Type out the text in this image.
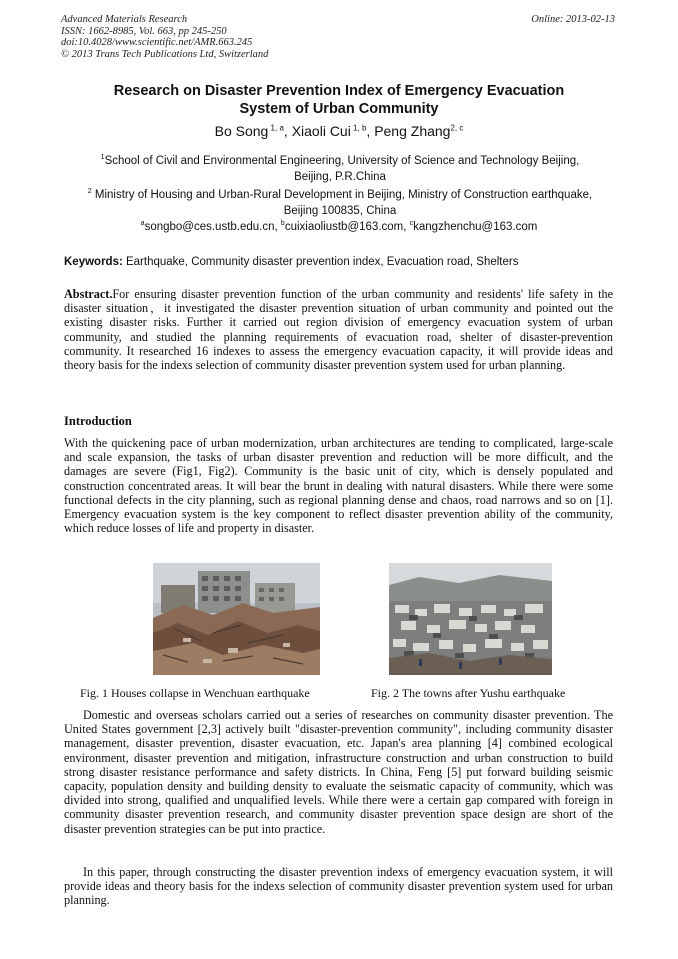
Advanced Materials Research
ISSN: 1662-8985, Vol. 663, pp 245-250
doi:10.4028/www.scientific.net/AMR.663.245
© 2013 Trans Tech Publications Ltd, Switzerland
Online: 2013-02-13
Research on Disaster Prevention Index of Emergency Evacuation
System of Urban Community
Bo Song $^{1, a}$, Xiaoli Cui $^{1, b}$, Peng Zhang$^{2, c}$
$^1$School of Civil and Environmental Engineering, University of Science and Technology Beijing,
Beijing, P.R.China
$^2$ Ministry of Housing and Urban-Rural Development in Beijing, Ministry of Construction earthquake,
Beijing 100835, China
$^a$songbo@ces.ustb.edu.cn, $^b$cuixiaoliustb@163.com, $^c$kangzhenchu@163.com
Keywords: Earthquake, Community disaster prevention index, Evacuation road, Shelters
Abstract.For ensuring disaster prevention function of the urban community and residents' life safety in the disaster situation，it investigated the disaster prevention situation of urban community and pointed out the existing disaster risks. Further it carried out region division of emergency evacuation system of urban community, and studied the planning requirements of evacuation road, shelter of disaster-prevention community. It researched 16 indexes to assess the emergency evacuation capacity, it will provide ideas and theory basis for the indexs selection of community disaster prevention system used for urban planning.
Introduction
With the quickening pace of urban modernization, urban architectures are tending to complicated, large-scale and scale expansion, the tasks of urban disaster prevention and reduction will be more difficult, and the damages are severe (Fig1, Fig2). Community is the basic unit of city, which is densely populated and construction concentrated areas. It will bear the brunt in dealing with natural disasters. While there were some functional defects in the city planning, such as regional planning dense and chaos, road narrows and so on [1]. Emergency evacuation system is the key component to reflect disaster prevention ability of the community, which reduce losses of life and property in disaster.
Fig. 1 Houses collapse in Wenchuan earthquake	Fig. 2 The towns after Yushu earthquake
Domestic and overseas scholars carried out a series of researches on community disaster prevention. The United States government [2,3] actively built "disaster-prevention community", including community disaster management, disaster prevention, disaster evacuation, etc. Japan's area planning [4] combined ecological environment, disaster prevention and mitigation, infrastructure construction and urban construction to build strong disaster resistance performance and safety districts. In China, Feng [5] put forward building seismic capacity, population density and building density to evaluate the seismatic capacity of community, which was divided into strong, qualified and unqualified levels. While there were a certain gap compared with foreign in community disaster prevention research, and community disaster prevention space design are short of the disaster prevention strategies can be put into practice.
In this paper, through constructing the disaster prevention indexs of emergency evacuation system, it will provide ideas and theory basis for the indexs selection of community disaster prevention system used for urban planning.
